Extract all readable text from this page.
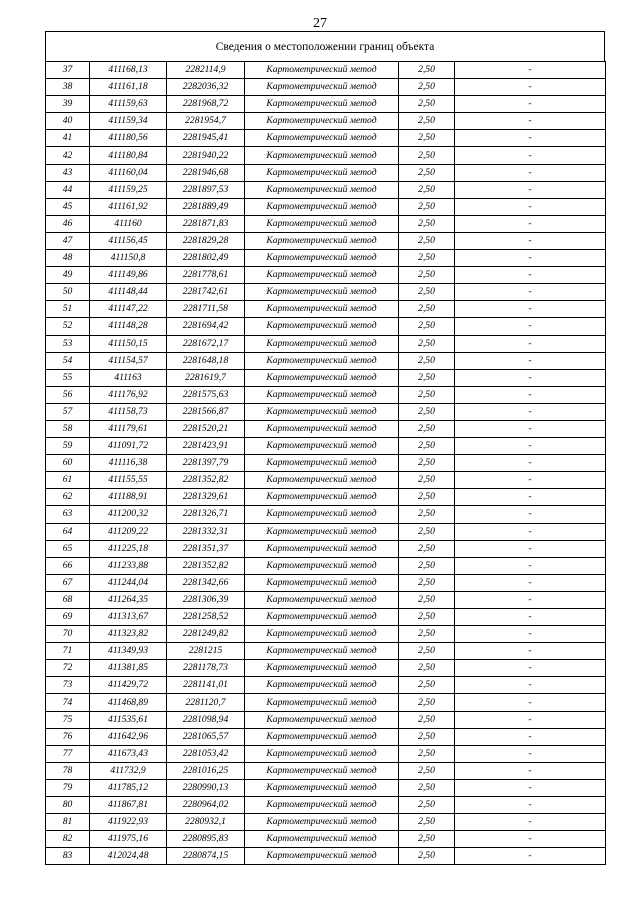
27
Сведения о местоположении границ объекта
37	411168,13	2282114,9	Картометрический метод	2,50	-
38	411161,18	2282036,32	Картометрический метод	2,50	-
39	411159,63	2281968,72	Картометрический метод	2,50	-
40	411159,34	2281954,7	Картометрический метод	2,50	-
41	411180,56	2281945,41	Картометрический метод	2,50	-
42	411180,84	2281940,22	Картометрический метод	2,50	-
43	411160,04	2281946,68	Картометрический метод	2,50	-
44	411159,25	2281897,53	Картометрический метод	2,50	-
45	411161,92	2281889,49	Картометрический метод	2,50	-
46	411160	2281871,83	Картометрический метод	2,50	-
47	411156,45	2281829,28	Картометрический метод	2,50	-
48	411150,8	2281802,49	Картометрический метод	2,50	-
49	411149,86	2281778,61	Картометрический метод	2,50	-
50	411148,44	2281742,61	Картометрический метод	2,50	-
51	411147,22	2281711,58	Картометрический метод	2,50	-
52	411148,28	2281694,42	Картометрический метод	2,50	-
53	411150,15	2281672,17	Картометрический метод	2,50	-
54	411154,57	2281648,18	Картометрический метод	2,50	-
55	411163	2281619,7	Картометрический метод	2,50	-
56	411176,92	2281575,63	Картометрический метод	2,50	-
57	411158,73	2281566,87	Картометрический метод	2,50	-
58	411179,61	2281520,21	Картометрический метод	2,50	-
59	411091,72	2281423,91	Картометрический метод	2,50	-
60	411116,38	2281397,79	Картометрический метод	2,50	-
61	411155,55	2281352,82	Картометрический метод	2,50	-
62	411188,91	2281329,61	Картометрический метод	2,50	-
63	411200,32	2281326,71	Картометрический метод	2,50	-
64	411209,22	2281332,31	Картометрический метод	2,50	-
65	411225,18	2281351,37	Картометрический метод	2,50	-
66	411233,88	2281352,82	Картометрический метод	2,50	-
67	411244,04	2281342,66	Картометрический метод	2,50	-
68	411264,35	2281306,39	Картометрический метод	2,50	-
69	411313,67	2281258,52	Картометрический метод	2,50	-
70	411323,82	2281249,82	Картометрический метод	2,50	-
71	411349,93	2281215	Картометрический метод	2,50	-
72	411381,85	2281178,73	Картометрический метод	2,50	-
73	411429,72	2281141,01	Картометрический метод	2,50	-
74	411468,89	2281120,7	Картометрический метод	2,50	-
75	411535,61	2281098,94	Картометрический метод	2,50	-
76	411642,96	2281065,57	Картометрический метод	2,50	-
77	411673,43	2281053,42	Картометрический метод	2,50	-
78	411732,9	2281016,25	Картометрический метод	2,50	-
79	411785,12	2280990,13	Картометрический метод	2,50	-
80	411867,81	2280964,02	Картометрический метод	2,50	-
81	411922,93	2280932,1	Картометрический метод	2,50	-
82	411975,16	2280895,83	Картометрический метод	2,50	-
83	412024,48	2280874,15	Картометрический метод	2,50	-
